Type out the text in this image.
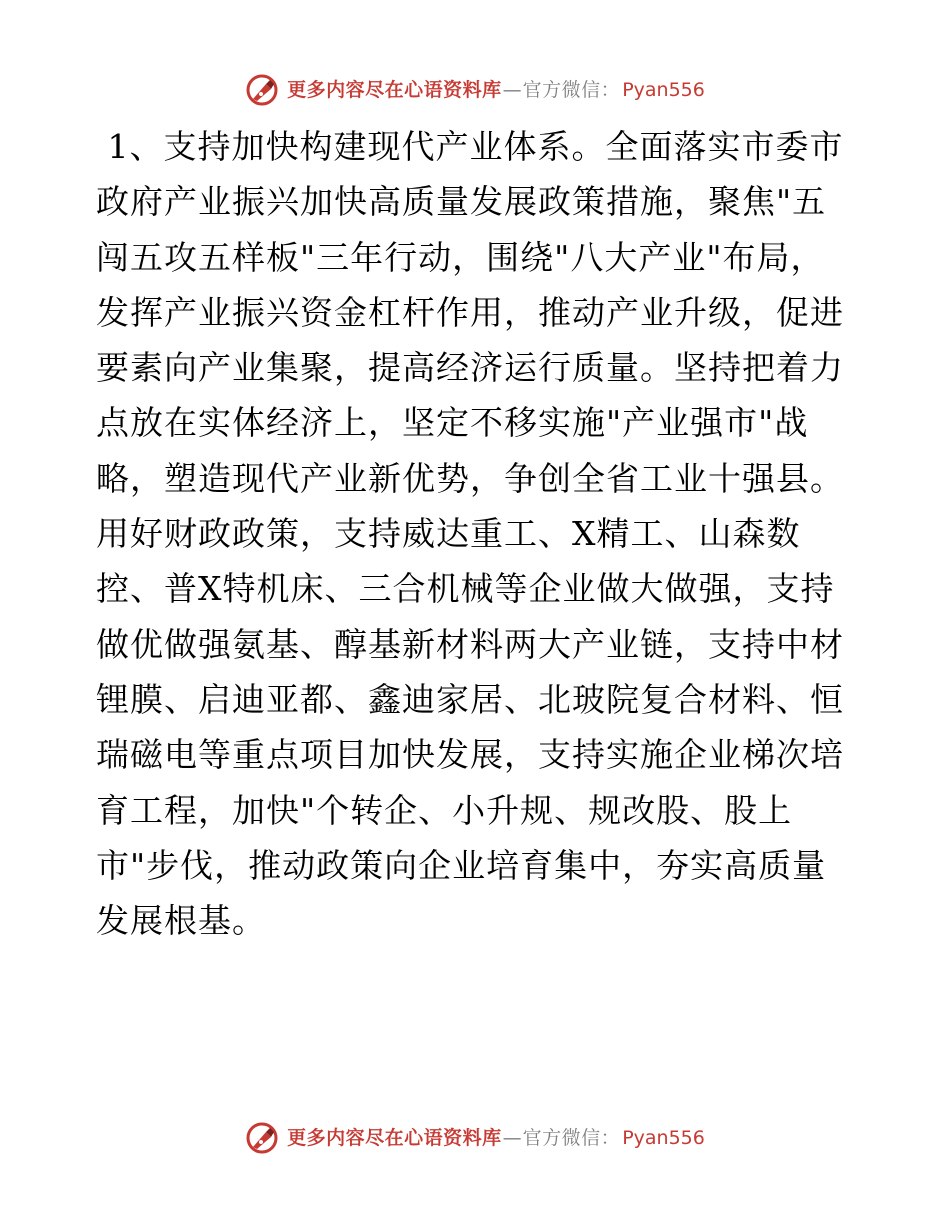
更多内容尽在心语资料库 — 官方微信： Pyan556

1、支持加快构建现代产业体系。全面落实市委市政府产业振兴加快高质量发展政策措施，聚焦"五闯五攻五样板"三年行动，围绕"八大产业"布局，发挥产业振兴资金杠杆作用，推动产业升级，促进要素向产业集聚，提高经济运行质量。坚持把着力点放在实体经济上，坚定不移实施"产业强市"战略，塑造现代产业新优势，争创全省工业十强县。用好财政政策，支持威达重工、X精工、山森数控、普X特机床、三合机械等企业做大做强，支持做优做强氨基、醇基新材料两大产业链，支持中材锂膜、启迪亚都、鑫迪家居、北玻院复合材料、恒瑞磁电等重点项目加快发展，支持实施企业梯次培育工程，加快"个转企、小升规、规改股、股上市"步伐，推动政策向企业培育集中，夯实高质量发展根基。

更多内容尽在心语资料库 — 官方微信： Pyan556
